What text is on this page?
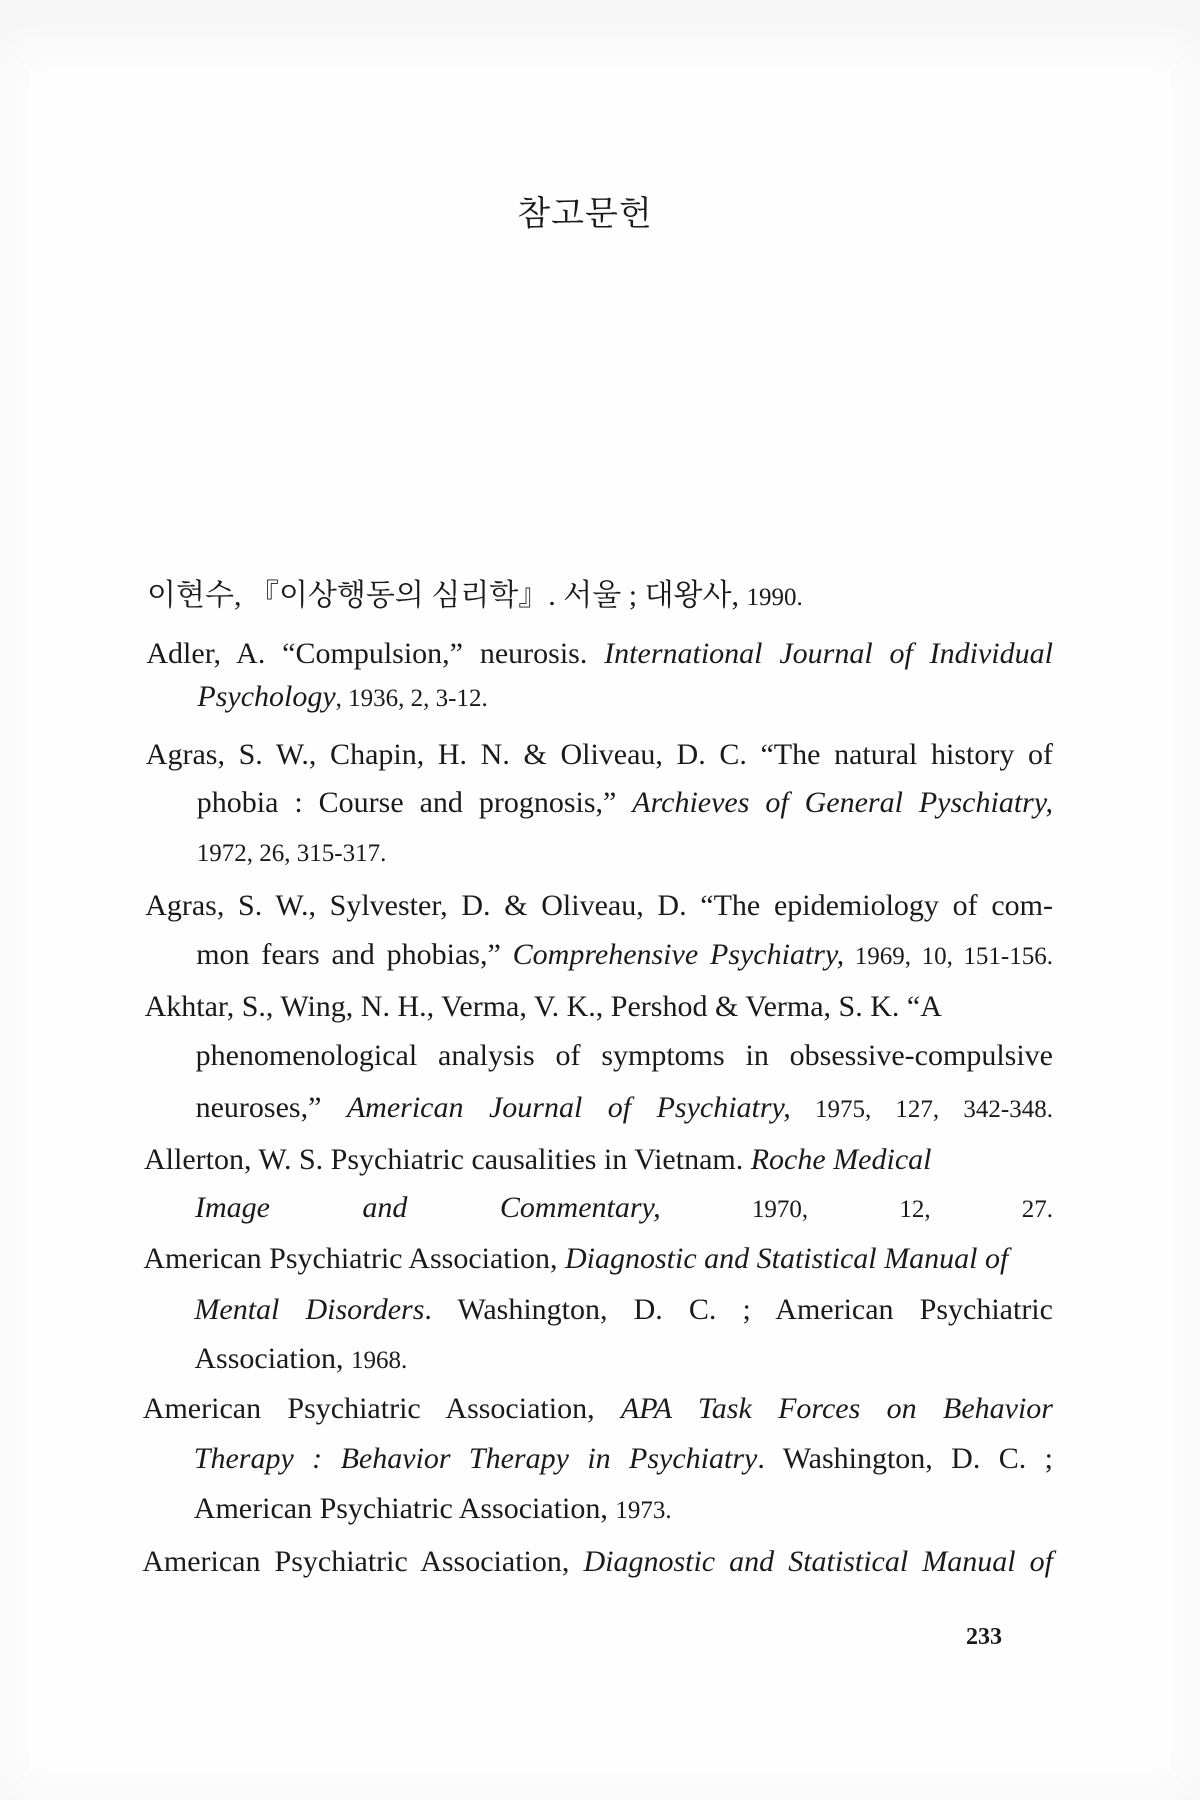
참고문헌
이현수, 『이상행동의 심리학』. 서울 ; 대왕사, 1990.
Adler, A. “Compulsion,” neurosis. International Journal of Individual
Psychology, 1936, 2, 3-12.
Agras, S. W., Chapin, H. N. & Oliveau, D. C. “The natural history of
phobia : Course and prognosis,” Archieves of General Pyschiatry,
1972, 26, 315-317.
Agras, S. W., Sylvester, D. & Oliveau, D. “The epidemiology of com-
mon fears and phobias,” Comprehensive Psychiatry, 1969, 10, 151-156.
Akhtar, S., Wing, N. H., Verma, V. K., Pershod & Verma, S. K. “A
phenomenological analysis of symptoms in obsessive-compulsive
neuroses,” American Journal of Psychiatry, 1975, 127, 342-348.
Allerton, W. S. Psychiatric causalities in Vietnam. Roche Medical
Image and Commentary, 1970, 12, 27.
American Psychiatric Association, Diagnostic and Statistical Manual of
Mental Disorders. Washington, D. C. ; American Psychiatric
Association, 1968.
American Psychiatric Association, APA Task Forces on Behavior
Therapy : Behavior Therapy in Psychiatry. Washington, D. C. ;
American Psychiatric Association, 1973.
American Psychiatric Association, Diagnostic and Statistical Manual of
233
